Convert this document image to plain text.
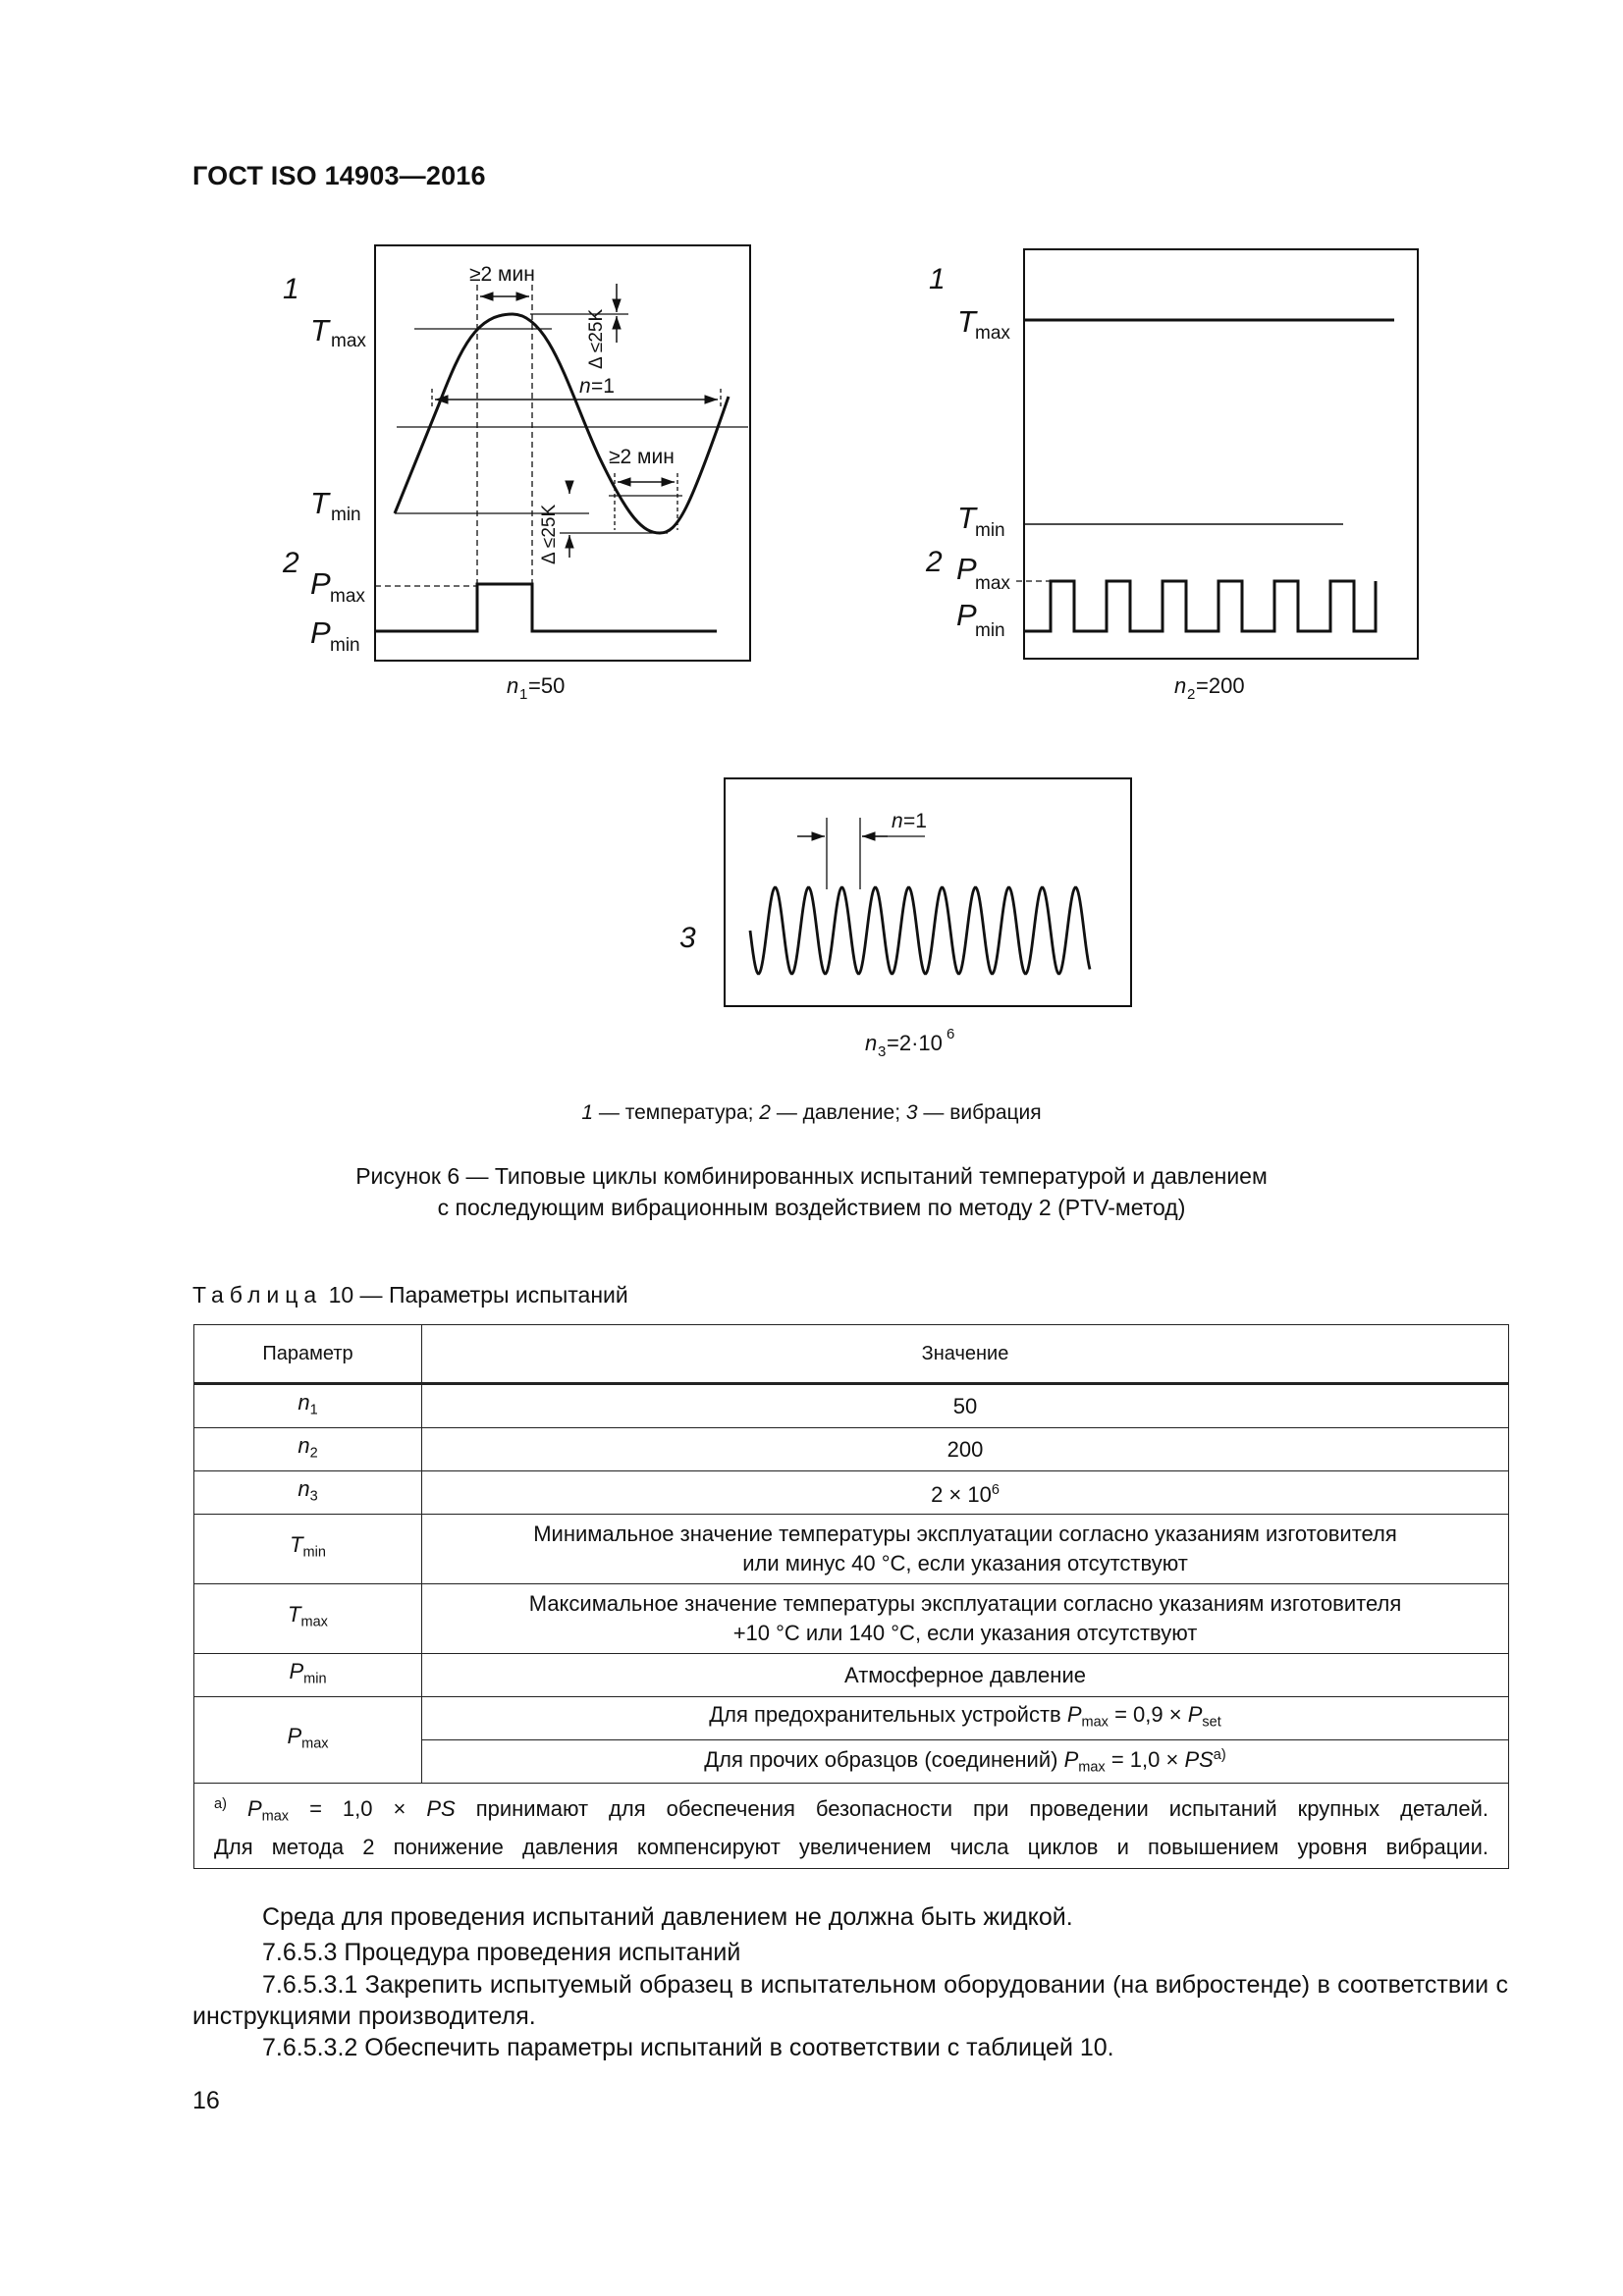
ГОСТ ISO 14903—2016
1
T max
T min
2
P max
P min
≥2 мин
≥2 мин
Δ ≤25K
Δ ≤25K
n =1
n 1 =50
1
T max
T min
2 P
max
P
min
n 2 =200
3
n =1
n 3 =2·10 6
1 — температура; 2 — давление; 3 — вибрация
Рисунок 6 — Типовые циклы комбинированных испытаний температурой и давлением
с последующим вибрационным воздействием по методу 2 (PTV-метод)
Таблица 10 — Параметры испытаний
Параметр	Значение
$n_1$	50
$n_2$	200
$n_3$	$2 \times 10^6$
$T_{min}$	Минимальное значение температуры эксплуатации согласно указаниям изготовителя
или минус 40 °С, если указания отсутствуют

$T_{max}$	Максимальное значение температуры эксплуатации согласно указаниям изготовителя
+10 °С или 140 °С, если указания отсутствуют

$P_{min}$	Атмосферное давление
$P_{max}$	Для предохранительных устройств $P_{max} = 0,9 \times P_{set}$
	Для прочих образцов (соединений) $P_{max} = 1,0 \times PS^{a)}$

$^{a)}$ $P_{max} = 1,0$ × PS принимают для обеспечения безопасности при проведении испытаний крупных деталей.
Для метода 2 понижение давления компенсируют увеличением числа циклов и повышением уровня вибрации.	
Среда для проведения испытаний давлением не должна быть жидкой.
7.6.5.3 Процедура проведения испытаний
7.6.5.3.1 Закрепить испытуемый образец в испытательном оборудовании (на вибростенде) в соответствии с инструкциями производителя.
7.6.5.3.2 Обеспечить параметры испытаний в соответствии с таблицей 10.
16
